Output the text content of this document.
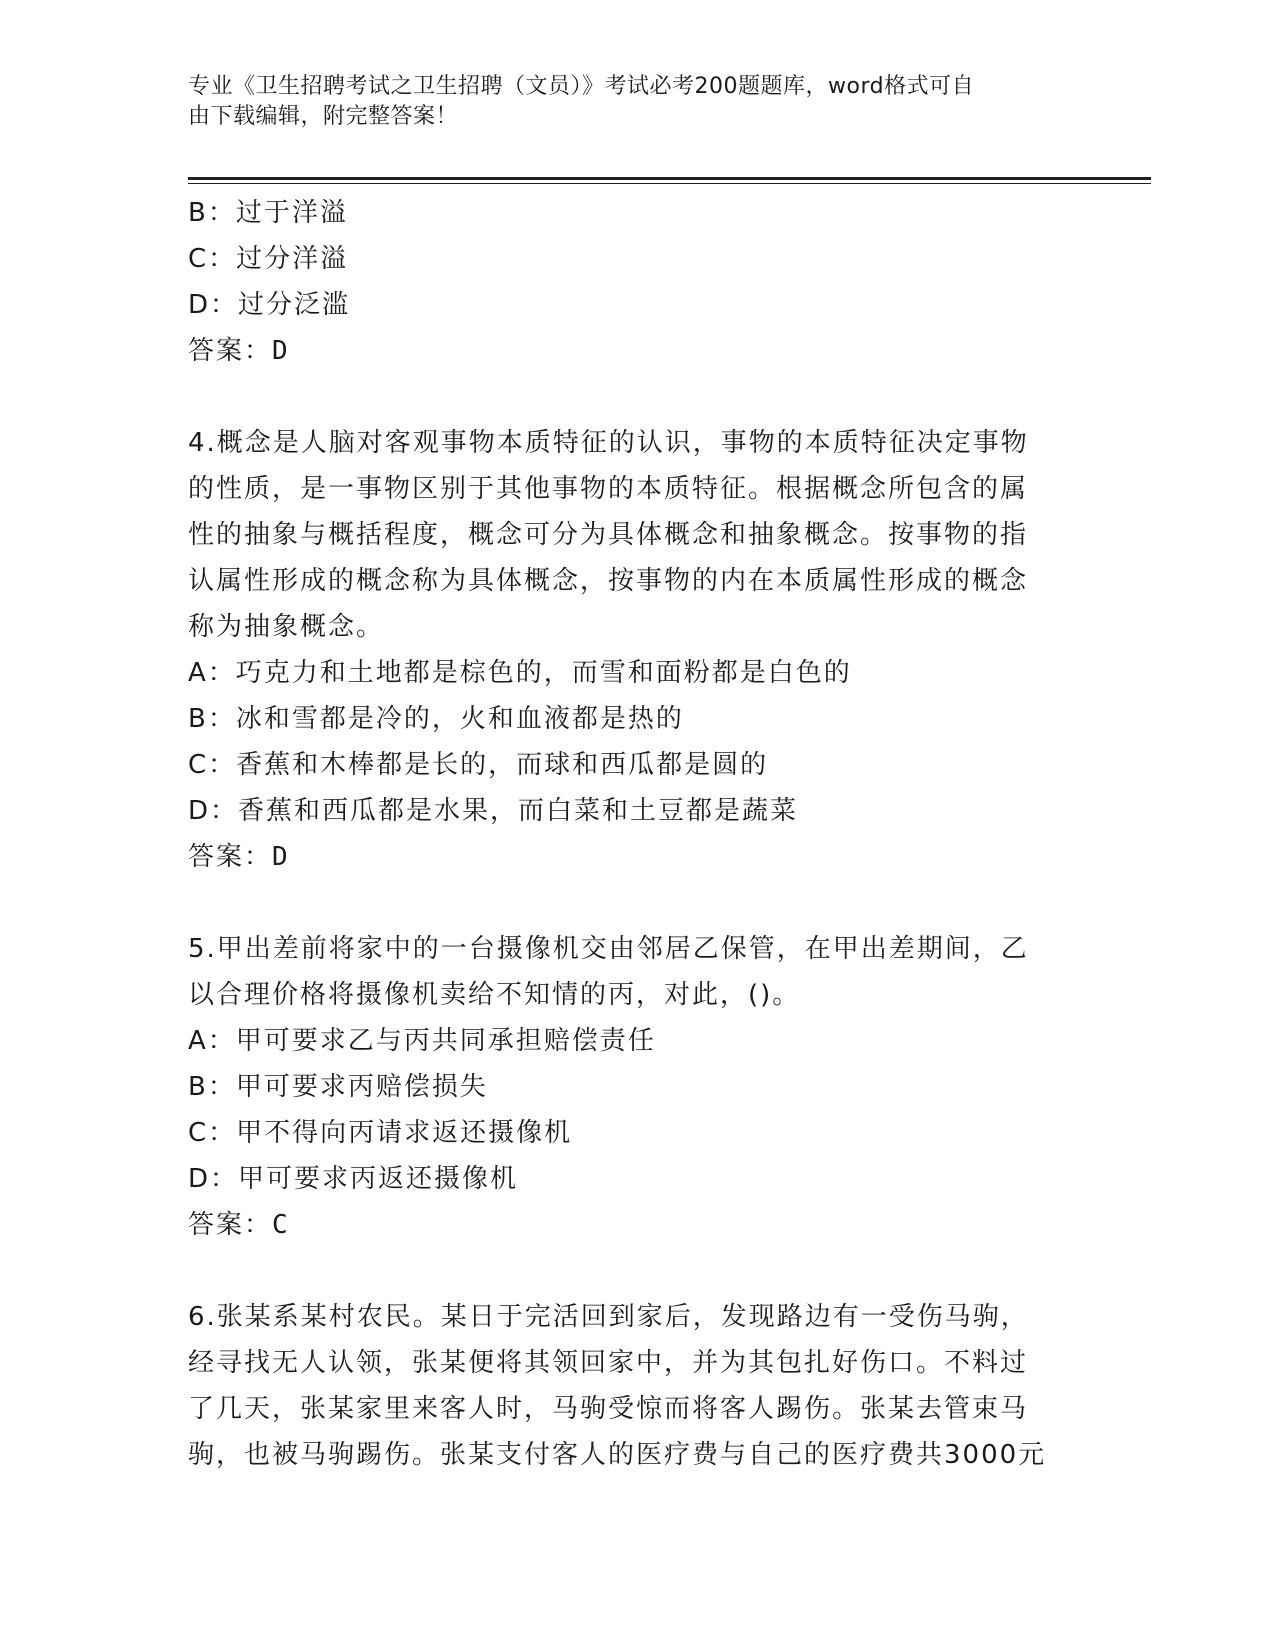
专业《卫生招聘考试之卫生招聘（文员）》考试必考200题题库，word格式可自
由下载编辑，附完整答案！
B：过于洋溢
C：过分洋溢
D：过分泛滥
答案：D
4.概念是人脑对客观事物本质特征的认识，事物的本质特征决定事物
的性质，是一事物区别于其他事物的本质特征。根据概念所包含的属
性的抽象与概括程度，概念可分为具体概念和抽象概念。按事物的指
认属性形成的概念称为具体概念，按事物的内在本质属性形成的概念
称为抽象概念。
A：巧克力和土地都是棕色的，而雪和面粉都是白色的
B：冰和雪都是冷的，火和血液都是热的
C：香蕉和木棒都是长的，而球和西瓜都是圆的
D：香蕉和西瓜都是水果，而白菜和土豆都是蔬菜
答案：D
5.甲出差前将家中的一台摄像机交由邻居乙保管，在甲出差期间，乙
以合理价格将摄像机卖给不知情的丙，对此，()。
A：甲可要求乙与丙共同承担赔偿责任
B：甲可要求丙赔偿损失
C：甲不得向丙请求返还摄像机
D：甲可要求丙返还摄像机
答案：C
6.张某系某村农民。某日于完活回到家后，发现路边有一受伤马驹，
经寻找无人认领，张某便将其领回家中，并为其包扎好伤口。不料过
了几天，张某家里来客人时，马驹受惊而将客人踢伤。张某去管束马
驹，也被马驹踢伤。张某支付客人的医疗费与自己的医疗费共3000元
